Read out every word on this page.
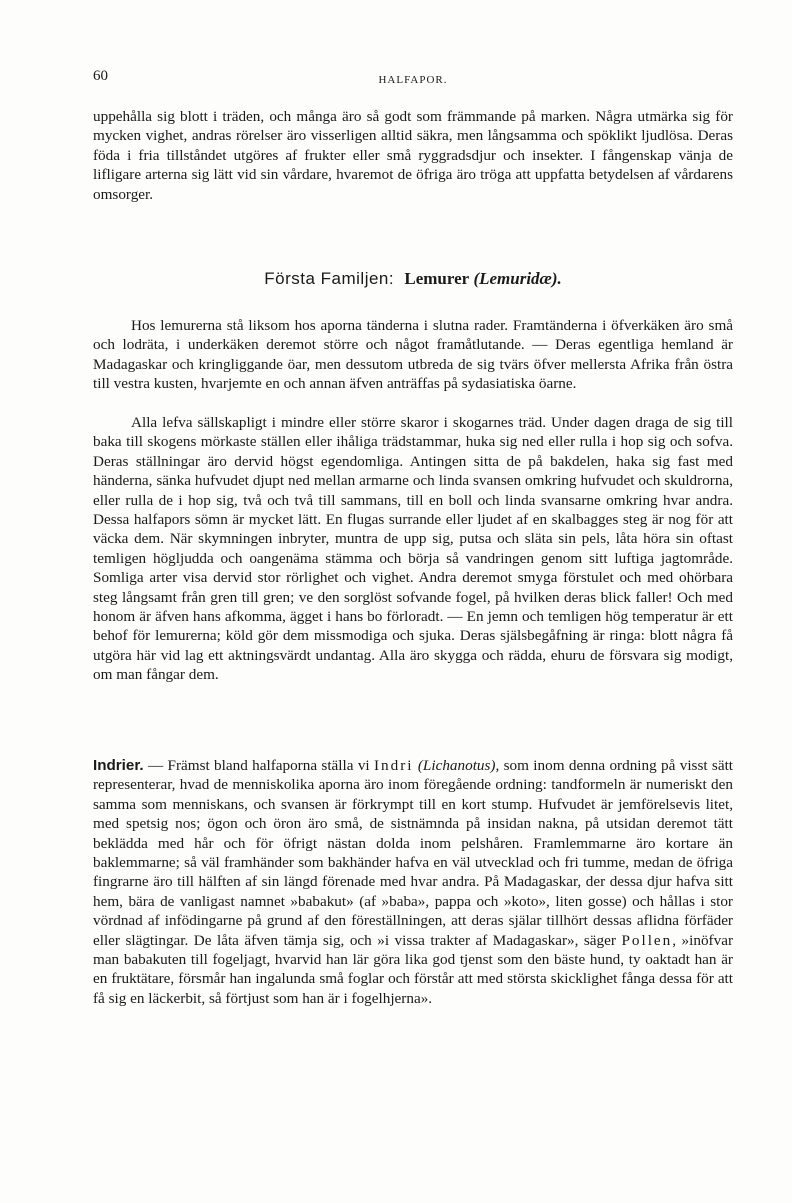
60	HALFAPOR.

uppehålla sig blott i träden, och många äro så godt som främmande på marken. Några utmärka sig för mycken vighet, andras rörelser äro visserligen alltid säkra, men långsamma och spöklikt ljudlösa. Deras föda i fria tillståndet utgöres af frukter eller små ryggradsdjur och insekter. I fångenskap vänja de lifligare arterna sig lätt vid sin vårdare, hvaremot de öfriga äro tröga att uppfatta betydelsen af vårdarens omsorger.

Första Familjen: Lemurer (Lemuridæ).

Hos lemurerna stå liksom hos aporna tänderna i slutna rader. Framtänderna i öfverkäken äro små och lodräta, i underkäken deremot större och något framåtlutande. — Deras egentliga hemland är Madagaskar och kringliggande öar, men dessutom utbreda de sig tvärs öfver mellersta Afrika från östra till vestra kusten, hvarjemte en och annan äfven anträffas på sydasiatiska öarne.

Alla lefva sällskapligt i mindre eller större skaror i skogarnes träd. Under dagen draga de sig till baka till skogens mörkaste ställen eller ihåliga trädstammar, huka sig ned eller rulla i hop sig och sofva. Deras ställningar äro dervid högst egendomliga. Antingen sitta de på bakdelen, haka sig fast med händerna, sänka hufvudet djupt ned mellan armarne och linda svansen omkring hufvudet och skuldrorna, eller rulla de i hop sig, två och två till sammans, till en boll och linda svansarne omkring hvar andra. Dessa halfapors sömn är mycket lätt. En flugas surrande eller ljudet af en skalbagges steg är nog för att väcka dem. När skymningen inbryter, muntra de upp sig, putsa och släta sin pels, låta höra sin oftast temligen högljudda och oangenäma stämma och börja så vandringen genom sitt luftiga jagtområde. Somliga arter visa dervid stor rörlighet och vighet. Andra deremot smyga förstulet och med ohörbara steg långsamt från gren till gren; ve den sorglöst sofvande fogel, på hvilken deras blick faller! Och med honom är äfven hans afkomma, ägget i hans bo förloradt. — En jemn och temligen hög temperatur är ett behof för lemurerna; köld gör dem missmodiga och sjuka. Deras själsbegåfning är ringa: blott några få utgöra här vid lag ett aktningsvärdt undantag. Alla äro skygga och rädda, ehuru de försvara sig modigt, om man fångar dem.

Indrier. — Främst bland halfaporna ställa vi Indri (Lichanotus), som inom denna ordning på visst sätt representerar, hvad de menniskolika aporna äro inom föregående ordning: tandformeln är numeriskt den samma som menniskans, och svansen är förkrympt till en kort stump. Hufvudet är jemförelsevis litet, med spetsig nos; ögon och öron äro små, de sistnämnda på insidan nakna, på utsidan deremot tätt beklädda med hår och för öfrigt nästan dolda inom pelshåren. Framlemmarne äro kortare än baklemmarne; så väl framhänder som bakhänder hafva en väl utvecklad och fri tumme, medan de öfriga fingrarne äro till hälften af sin längd förenade med hvar andra. På Madagaskar, der dessa djur hafva sitt hem, bära de vanligast namnet »babakut» (af »baba», pappa och »koto», liten gosse) och hållas i stor vördnad af infödingarne på grund af den föreställningen, att deras själar tillhört dessas aflidna förfäder eller slägtingar. De låta äfven tämja sig, och »i vissa trakter af Madagaskar», säger Pollen, »inöfvar man babakuten till fogeljagt, hvarvid han lär göra lika god tjenst som den bäste hund, ty oaktadt han är en fruktätare, försmår han ingalunda små foglar och förstår att med största skicklighet fånga dessa för att få sig en läckerbit, så förtjust som han är i fogelhjerna».
